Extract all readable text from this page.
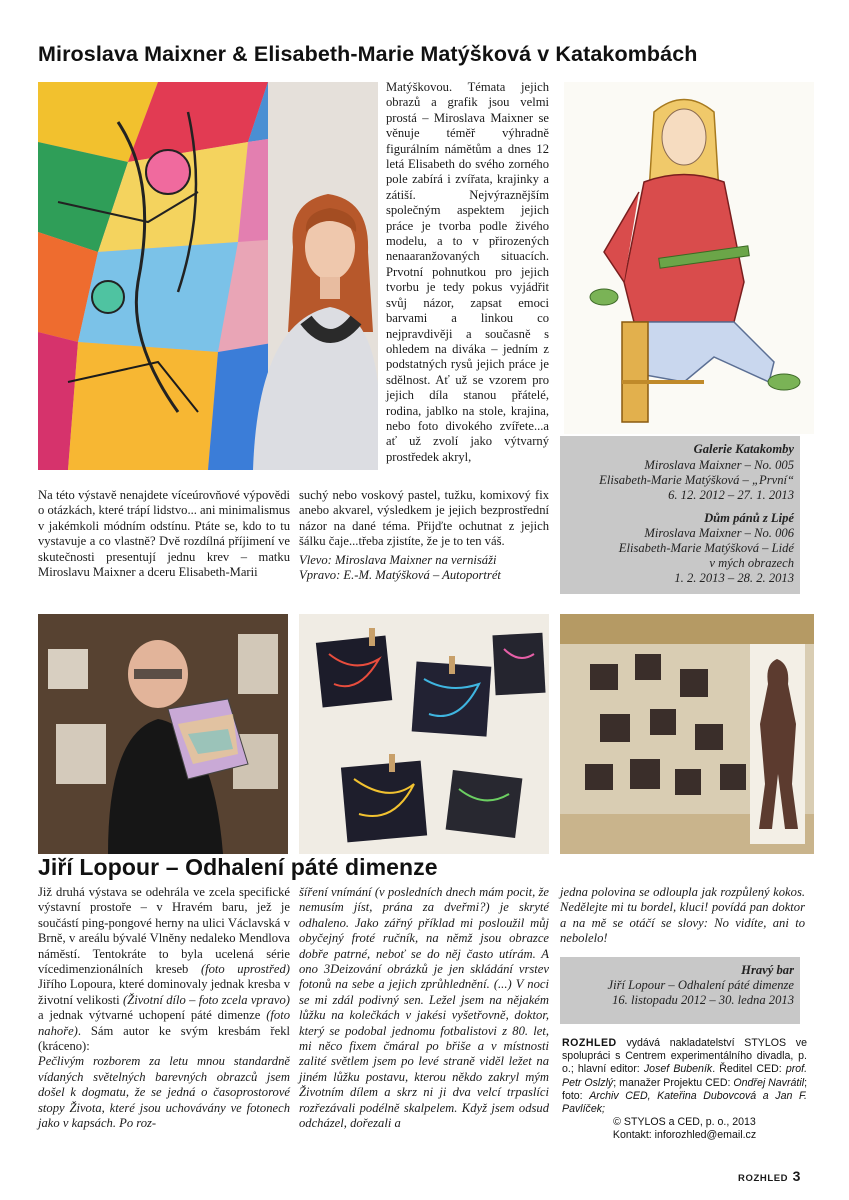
Miroslava Maixner & Elisabeth-Marie Matýšková v Katakombách

Matýškovou. Témata jejich obrazů a grafik jsou velmi prostá – Miroslava Maixner se věnuje téměř výhradně figurálním námětům a dnes 12 letá Elisabeth do svého zorného pole zabírá i zvířata, krajinky a zátiší. Nejvýraznějším společným aspektem jejich práce je tvorba podle živého modelu, a to v přirozených nenaaranžovaných situacích. Prvotní pohnutkou pro jejich tvorbu je tedy pokus vyjádřit svůj názor, zapsat emoci barvami a linkou co nejpravdivěji a současně s ohledem na diváka – jedním z podstatných rysů jejich práce je sdělnost. Ať už se vzorem pro jejich díla stanou přátelé, rodina, jablko na stole, krajina, nebo foto divokého zvířete...a ať už zvolí jako výtvarný prostředek akryl,

Galerie Katakomby
Miroslava Maixner – No. 005
Elisabeth-Marie Matýšková – „První“
6. 12. 2012 – 27. 1. 2013
Dům pánů z Lipé
Miroslava Maixner – No. 006
Elisabeth-Marie Matýšková – Lidé
v mých obrazech
1. 2. 2013 – 28. 2. 2013

Na této výstavě nenajdete víceúrovňové výpovědi o otázkách, které trápí lidstvo... ani minimalismus v jakémkoli módním odstínu. Ptáte se, kdo to tu vystavuje a co vlastně? Dvě rozdílná příjimení ve skutečnosti presentují jednu krev – matku Miroslavu Maixner a dceru Elisabeth-Marii

suchý nebo voskový pastel, tužku, komixový fix anebo akvarel, výsledkem je jejich bezprostřední názor na dané téma. Přijďte ochutnat z jejich šálku čaje...třeba zjistíte, že je to ten váš.

Vlevo: Miroslava Maixner na vernisáži

Vpravo: E.-M. Matýšková – Autoportrét

Jiří Lopour – Odhalení páté dimenze

Již druhá výstava se odehrála ve zcela specifické výstavní prostoře – v Hravém baru, jež je součástí ping-pongové herny na ulici Václavská v Brně, v areálu bývalé Vlněny nedaleko Mendlova náměstí. Tentokráte to byla ucelená série vícedimenzionálních kreseb (foto uprostřed) Jiřího Lopoura, které dominovaly jednak kresba v životní velikosti (Životní dílo – foto zcela vpravo) a jednak výtvarné uchopení páté dimenze (foto nahoře). Sám autor ke svým kresbám řekl (kráceno):

Pečlivým rozborem za letu mnou standardně vídaných světelných barevných obrazců jsem došel k dogmatu, že se jedná o časoprostorové stopy Života, které jsou uchovávány ve fotonech jako v kapsách. Po roz-

šíření vnímání (v posledních dnech mám pocit, že nemusím jíst, prána za dveřmi?) je skryté odhaleno. Jako zářný příklad mi posloužil můj obyčejný froté ručník, na němž jsou obrazce dobře patrné, neboť se do něj často utírám. A ono 3Deizování obrázků je jen skládání vrstev fotonů na sebe a jejich zprůhlednění. (...) V noci se mi zdál podivný sen. Ležel jsem na nějakém lůžku na kolečkách v jakési vyšetřovně, doktor, který se podobal jednomu fotbalistovi z 80. let, mi něco fixem čmáral po břiše a v místnosti zalité světlem jsem po levé straně viděl ležet na jiném lůžku postavu, kterou někdo zakryl mým Životním dílem a skrz ni ji dva velcí trpaslíci rozřezávali podélně skalpelem. Když jsem odsud odcházel, dořezali a

jedna polovina se odloupla jak rozpůlený kokos. Nedělejte mi tu bordel, kluci! povídá pan doktor a na mě se otáčí se slovy: No vidíte, ani to nebolelo!

Hravý bar
Jiří Lopour – Odhalení páté dimenze
16. listopadu 2012 – 30. ledna 2013
ROZHLED vydává nakladatelství STYLOS ve spolupráci s Centrem experimentálního divadla, p. o.; hlavní editor: Josef Bubeník. Ředitel CED: prof. Petr Oslzlý; manažer Projektu CED: Ondřej Navrátil; foto: Archiv CED, Kateřina Dubovcová a Jan F. Pavlíček;
© STYLOS a CED, p. o., 2013
Kontakt: inforozhled@email.cz
ROZHLED 3
